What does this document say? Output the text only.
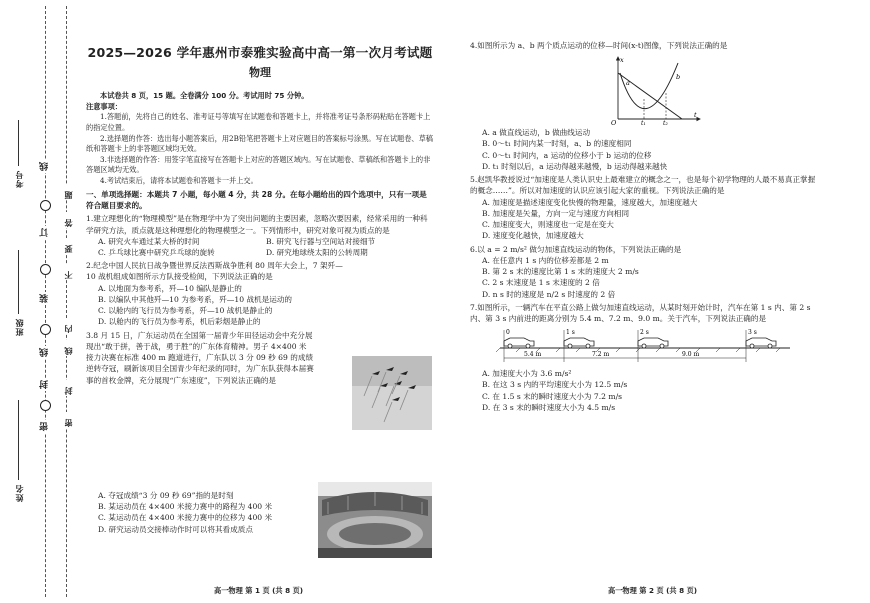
考号
班级
姓名
线
订
装
线
封
密
题
答
要
不
内
线
封
密
2025—2026 学年惠州市泰雅实验高中高一第一次月考试题
物理

本试卷共 8 页，15 题。全卷满分 100 分。考试用时 75 分钟。

注意事项：

1.答题前，先将自己的姓名、准考证号等填写在试题卷和答题卡上，并将准考证号条形码粘贴在答题卡上的指定位置。

2.选择题的作答：选出每小题答案后，用2B铅笔把答题卡上对应题目的答案标号涂黑。写在试题卷、草稿纸和答题卡上的非答题区域均无效。

3.非选择题的作答：用签字笔直接写在答题卡上对应的答题区域内。写在试题卷、草稿纸和答题卡上的非答题区域均无效。

4.考试结束后，请将本试题卷和答题卡一并上交。

一、单项选择题：本题共 7 小题，每小题 4 分，共 28 分。在每小题给出的四个选项中，只有一项是符合题目要求的。

1.建立理想化的“物理模型”是在物理学中为了突出问题的主要因素，忽略次要因素，经常采用的一种科学研究方法，质点就是这种理想化的物理模型之一。下列情形中，研究对象可视为质点的是

A. 研究火车通过某大桥的时间	B. 研究飞行器与空间站对接细节
C. 乒乓球比赛中研究乒乓球的旋转	D. 研究地球绕太阳的公转周期

2.纪念中国人民抗日战争暨世界反法西斯战争胜利 80 周年大会上，7 架歼—10 战机组成如图所示方队接受检阅，下列说法正确的是

A. 以地面为参考系，歼—10 编队是静止的

B. 以编队中其他歼—10 为参考系，歼—10 战机是运动的

C. 以舱内的飞行员为参考系，歼—10 战机是静止的

D. 以舱内的飞行员为参考系，机后彩烟是静止的

3.8 月 15 日，广东运动员在全国第一届青少年田径运动会中充分展现出“敢于拼，善于战，勇于胜”的广东体育精神。男子 4×400 米接力决赛在标准 400 m 跑道进行，广东队以 3 分 09 秒 69 的成绩逆转夺冠，刷新该项目全国青少年纪录的同时，为广东队获得本届赛事的首枚金牌，充分展现“广东速度”，下列说法正确的是

A. 夺冠成绩“3 分 09 秒 69”指的是时刻

B. 某运动员在 4×400 米接力赛中的路程为 400 米

C. 某运动员在 4×400 米接力赛中的位移为 400 米

D. 研究运动员交接棒动作时可以将其看成质点

高一物理 第 1 页 (共 8 页)

4.如图所示为 a、b 两个质点运动的位移—时间(x-t)图像，下列说法正确的是

x
t
O	t₁	t₂
a
b

A. a 做直线运动，b 做曲线运动

B. 0～t₁ 时间内某一时刻，a、b 的速度相同

C. 0～t₁ 时间内，a 运动的位移小于 b 运动的位移

D. t₁ 时刻以后，a 运动得越来越慢，b 运动得越来越快

5.赵凯华教授说过“加速度是人类认识史上最难建立的概念之一，也是每个初学物理的人最不易真正掌握的概念……”。所以对加速度的认识应该引起大家的重视。下列说法正确的是

A. 加速度是描述速度变化快慢的物理量，速度越大，加速度越大

B. 加速度是矢量，方向一定与速度方向相同

C. 加速度变大，则速度也一定是在变大

D. 速度变化越快，加速度越大

6.以 a = 2 m/s² 做匀加速直线运动的物体，下列说法正确的是

A. 在任意内 1 s 内的位移差都是 2 m

B. 第 2 s 末的速度比第 1 s 末的速度大 2 m/s

C. 2 s 末速度是 1 s 末速度的 2 倍

D. n s 时的速度是 n/2 s 时速度的 2 倍

7.如图所示，一辆汽车在平直公路上做匀加速直线运动，从某时刻开始计时，汽车在第 1 s 内、第 2 s 内、第 3 s 内前进的距离分别为 5.4 m、7.2 m、9.0 m。关于汽车，下列说法正确的是

0	1 s	2 s	3 s
5.4 m	7.2 m	9.0 m

A. 加速度大小为 3.6 m/s²

B. 在这 3 s 内的平均速度大小为 12.5 m/s

C. 在 1.5 s 末的瞬时速度大小为 7.2 m/s

D. 在 3 s 末的瞬时速度大小为 4.5 m/s

高一物理 第 2 页 (共 8 页)
